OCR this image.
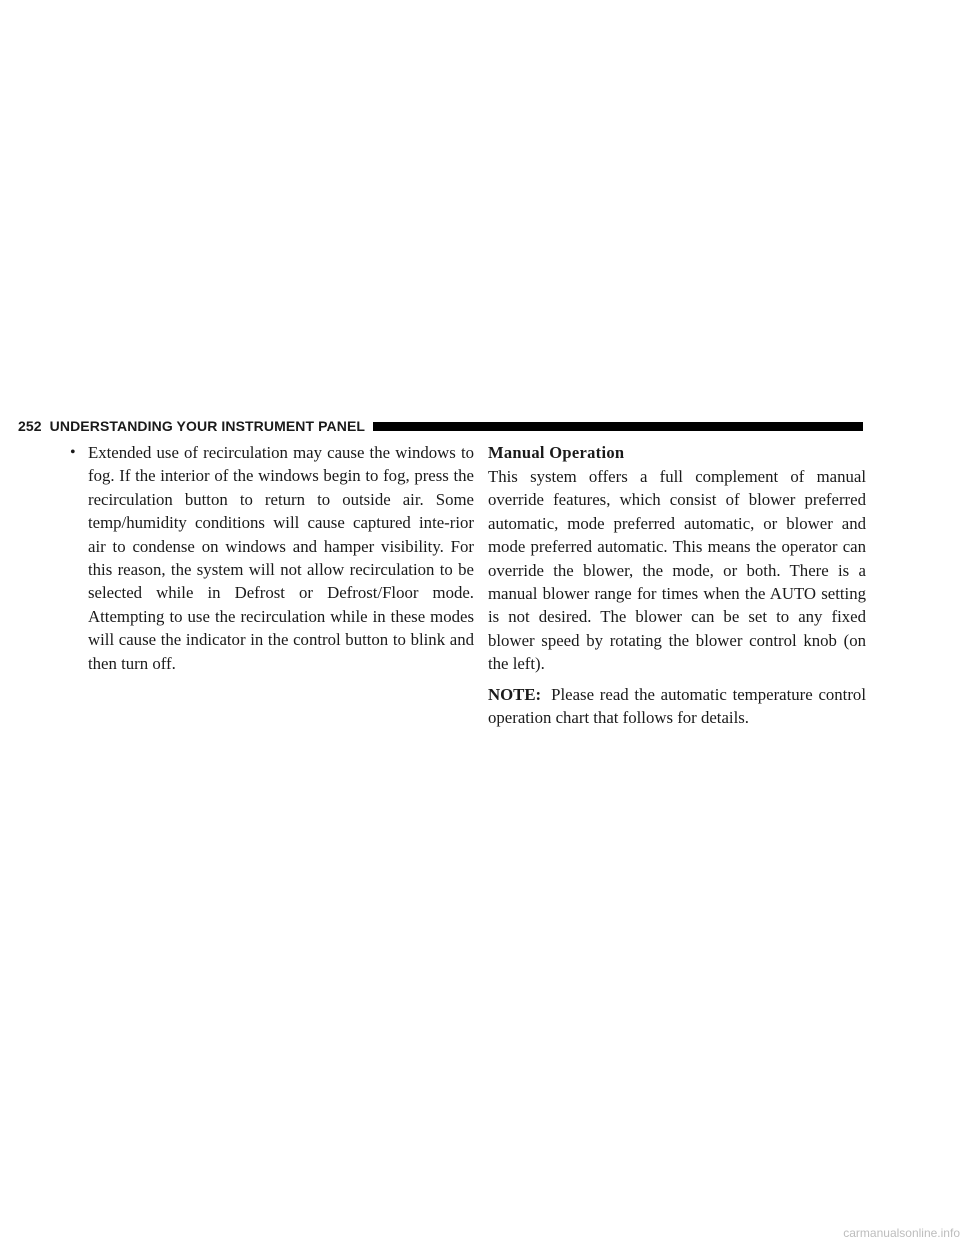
252 UNDERSTANDING YOUR INSTRUMENT PANEL
• Extended use of recirculation may cause the windows to fog. If the interior of the windows begin to fog, press the recirculation button to return to outside air. Some temp/humidity conditions will cause captured inte-rior air to condense on windows and hamper visibility. For this reason, the system will not allow recirculation to be selected while in Defrost or Defrost/Floor mode. Attempting to use the recirculation while in these modes will cause the indicator in the control button to blink and then turn off.

Manual Operation

This system offers a full complement of manual override features, which consist of blower preferred automatic, mode preferred automatic, or blower and mode preferred automatic. This means the operator can override the blower, the mode, or both. There is a manual blower range for times when the AUTO setting is not desired. The blower can be set to any fixed blower speed by rotating the blower control knob (on the left).

NOTE: Please read the automatic temperature control operation chart that follows for details.

carmanualsonline.info
